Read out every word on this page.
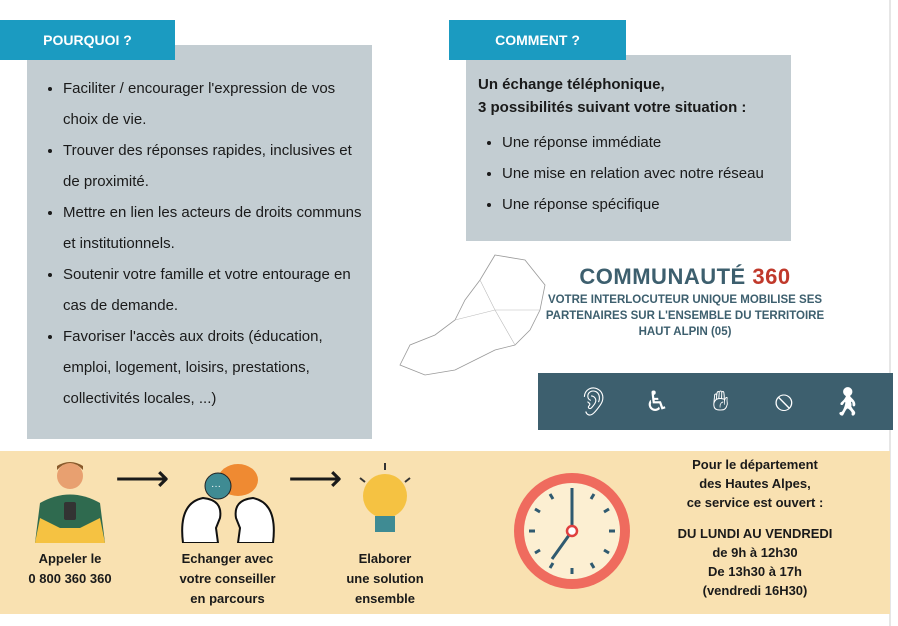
• Faciliter / encourager l'expression de vos choix de vie.
• Trouver des réponses rapides, inclusives et de proximité.
• Mettre en lien les acteurs de droits communs et institutionnels.
• Soutenir votre famille et votre entourage en cas de demande.
• Favoriser l'accès aux droits (éducation, emploi, logement, loisirs, prestations, collectivités locales, ...)
POURQUOI ?
Un échange téléphonique,
3 possibilités suivant votre situation :
• Une réponse immédiate
• Une mise en relation avec notre réseau
• Une réponse spécifique
COMMENT ?
COMMUNAUTÉ 360

VOTRE INTERLOCUTEUR UNIQUE MOBILISE SES PARTENAIRES SUR L'ENSEMBLE DU TERRITOIRE HAUT ALPIN (05)

👂︎ ♿︎	✋︎	⦸	🚶︎
⟶	··· ⟶
Appeler le
0 800 360 360
Echanger avec
votre conseiller
en parcours
Elaborer
une solution
ensemble
Pour le département
des Hautes Alpes,
ce service est ouvert :
DU LUNDI AU VENDREDI
de 9h à 12h30
De 13h30 à 17h
(vendredi 16H30)
